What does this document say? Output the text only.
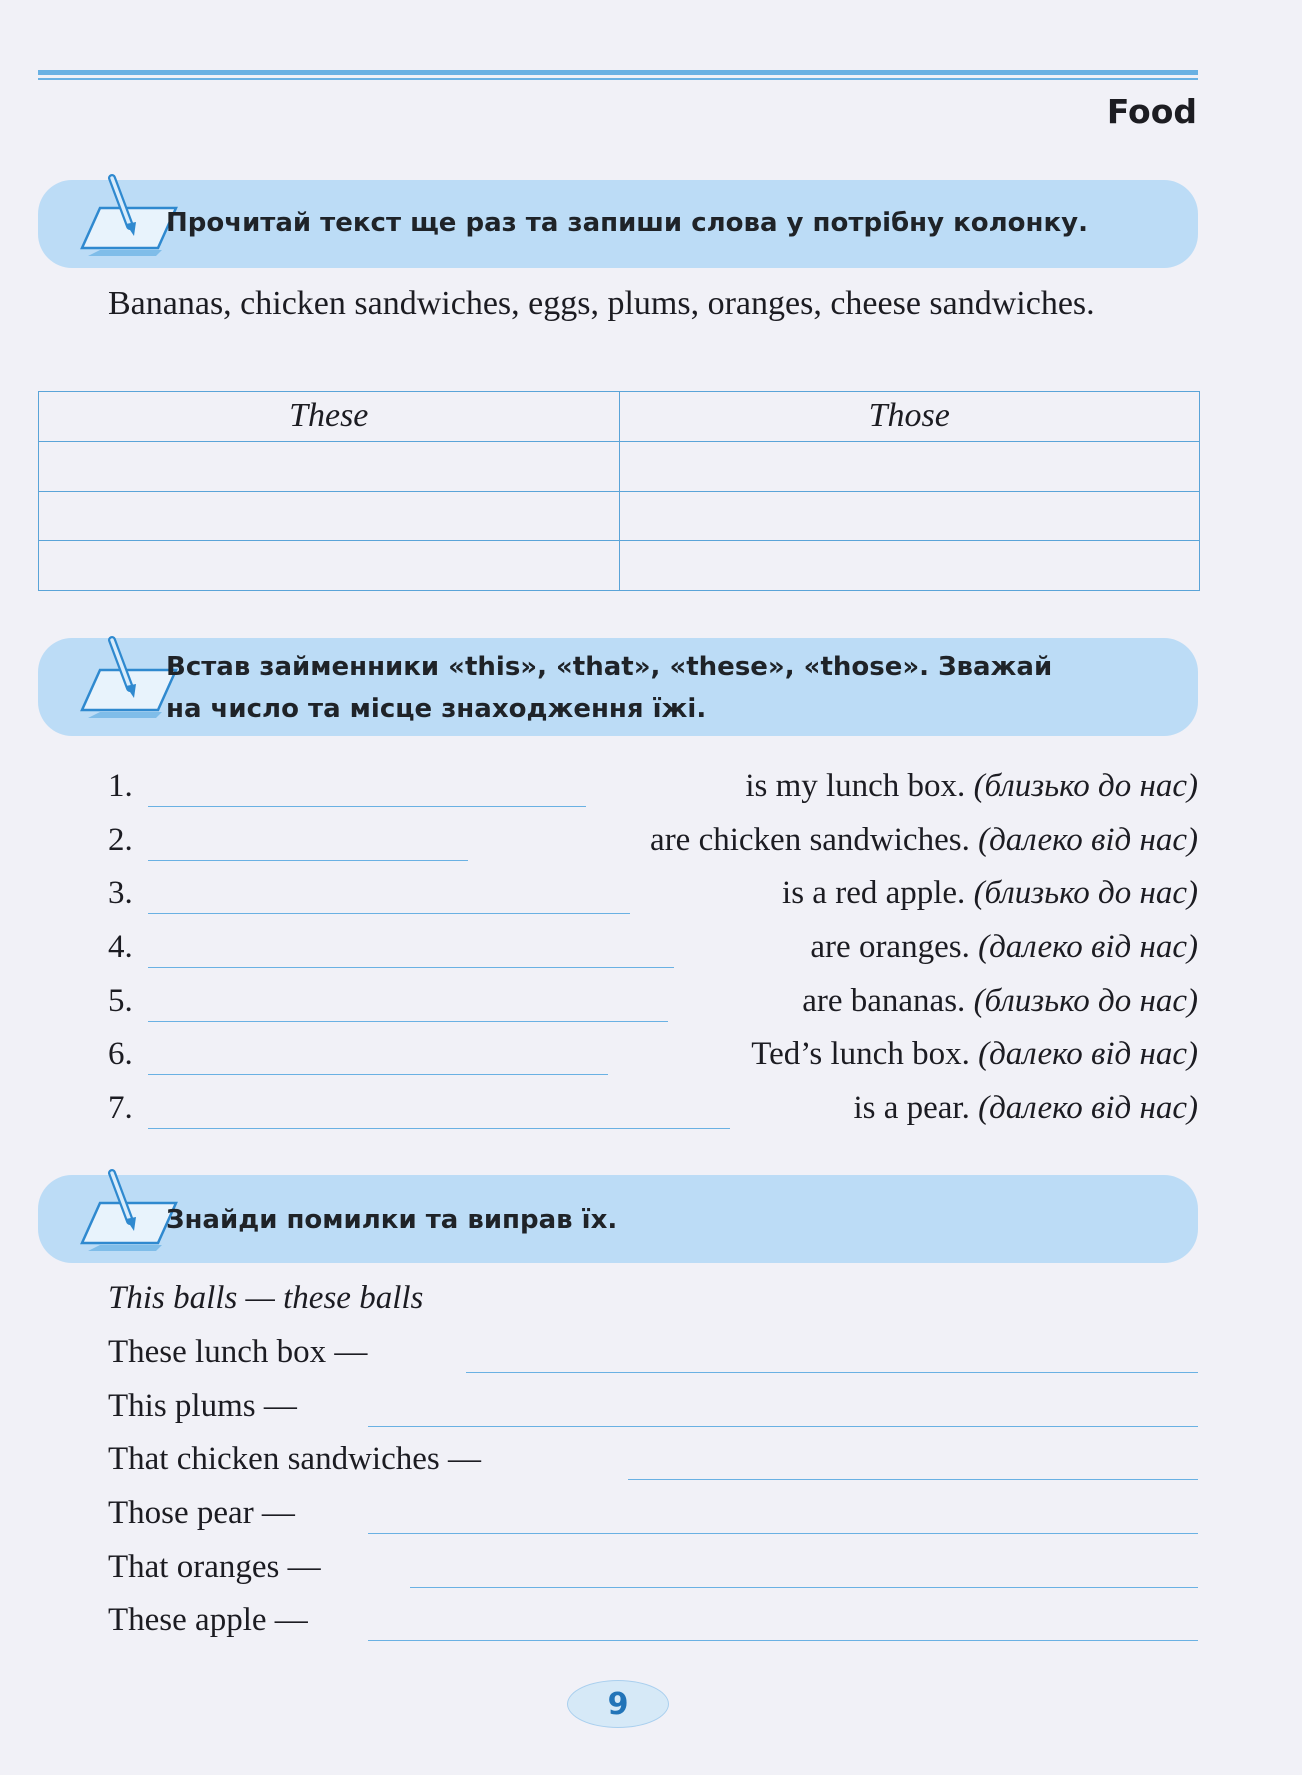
Food
Прочитай текст ще раз та запиши слова у потрібну колонку.

Bananas, chicken sandwiches, eggs, plums, oranges, cheese sandwiches.

These	Those

Встав займенники «this», «that», «these», «those». Зважай
на число та місце знаходження їжі.
1.	is my lunch box. (близько до нас)
2.	are chicken sandwiches. (далеко від нас)
3.	is a red apple. (близько до нас)
4.	are oranges. (далеко від нас)
5.	are bananas. (близько до нас)
6.	Ted’s lunch box. (далеко від нас)
7.	is a pear. (далеко від нас)
Знайди помилки та виправ їх.
This balls — these balls
These lunch box —
This plums —
That chicken sandwiches —
Those pear —
That oranges —
These apple —
9
